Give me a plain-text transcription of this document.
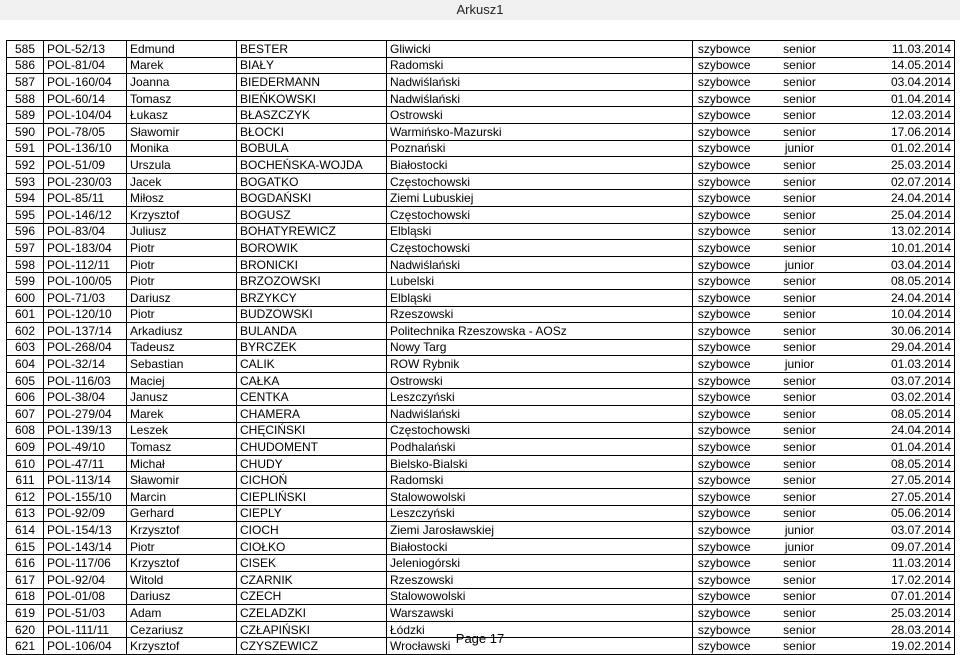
Arkusz1
585	POL-52/13	Edmund	BESTER	Gliwicki	szybowce	senior	11.03.2014
586	POL-81/04	Marek	BIAŁY	Radomski	szybowce	senior	14.05.2014
587	POL-160/04	Joanna	BIEDERMANN	Nadwiślański	szybowce	senior	03.04.2014
588	POL-60/14	Tomasz	BIEŃKOWSKI	Nadwiślański	szybowce	senior	01.04.2014
589	POL-104/04	Łukasz	BŁASZCZYK	Ostrowski	szybowce	senior	12.03.2014
590	POL-78/05	Sławomir	BŁOCKI	Warmińsko-Mazurski	szybowce	senior	17.06.2014
591	POL-136/10	Monika	BOBULA	Poznański	szybowce	junior	01.02.2014
592	POL-51/09	Urszula	BOCHEŃSKA-WOJDA	Białostocki	szybowce	senior	25.03.2014
593	POL-230/03	Jacek	BOGATKO	Częstochowski	szybowce	senior	02.07.2014
594	POL-85/11	Miłosz	BOGDAŃSKI	Ziemi Lubuskiej	szybowce	senior	24.04.2014
595	POL-146/12	Krzysztof	BOGUSZ	Częstochowski	szybowce	senior	25.04.2014
596	POL-83/04	Juliusz	BOHATYREWICZ	Elbląski	szybowce	senior	13.02.2014
597	POL-183/04	Piotr	BOROWIK	Częstochowski	szybowce	senior	10.01.2014
598	POL-112/11	Piotr	BRONICKI	Nadwiślański	szybowce	junior	03.04.2014
599	POL-100/05	Piotr	BRZOZOWSKI	Lubelski	szybowce	senior	08.05.2014
600	POL-71/03	Dariusz	BRZYKCY	Elbląski	szybowce	senior	24.04.2014
601	POL-120/10	Piotr	BUDZOWSKI	Rzeszowski	szybowce	senior	10.04.2014
602	POL-137/14	Arkadiusz	BULANDA	Politechnika Rzeszowska - AOSz	szybowce	senior	30.06.2014
603	POL-268/04	Tadeusz	BYRCZEK	Nowy Targ	szybowce	senior	29.04.2014
604	POL-32/14	Sebastian	CALIK	ROW Rybnik	szybowce	junior	01.03.2014
605	POL-116/03	Maciej	CAŁKA	Ostrowski	szybowce	senior	03.07.2014
606	POL-38/04	Janusz	CENTKA	Leszczyński	szybowce	senior	03.02.2014
607	POL-279/04	Marek	CHAMERA	Nadwiślański	szybowce	senior	08.05.2014
608	POL-139/13	Leszek	CHĘCIŃSKI	Częstochowski	szybowce	senior	24.04.2014
609	POL-49/10	Tomasz	CHUDOMENT	Podhalański	szybowce	senior	01.04.2014
610	POL-47/11	Michał	CHUDY	Bielsko-Bialski	szybowce	senior	08.05.2014
611	POL-113/14	Sławomir	CICHOŃ	Radomski	szybowce	senior	27.05.2014
612	POL-155/10	Marcin	CIEPLIŃSKI	Stalowowolski	szybowce	senior	27.05.2014
613	POL-92/09	Gerhard	CIEPLY	Leszczyński	szybowce	senior	05.06.2014
614	POL-154/13	Krzysztof	CIOCH	Ziemi Jarosławskiej	szybowce	junior	03.07.2014
615	POL-143/14	Piotr	CIOŁKO	Białostocki	szybowce	junior	09.07.2014
616	POL-117/06	Krzysztof	CISEK	Jeleniogórski	szybowce	senior	11.03.2014
617	POL-92/04	Witold	CZARNIK	Rzeszowski	szybowce	senior	17.02.2014
618	POL-01/08	Dariusz	CZECH	Stalowowolski	szybowce	senior	07.01.2014
619	POL-51/03	Adam	CZELADZKI	Warszawski	szybowce	senior	25.03.2014
620	POL-111/11	Cezariusz	CZŁAPIŃSKI	Łódzki	szybowce	senior	28.03.2014
621	POL-106/04	Krzysztof	CZYSZEWICZ	Wrocławski	szybowce	senior	19.02.2014
Page 17
